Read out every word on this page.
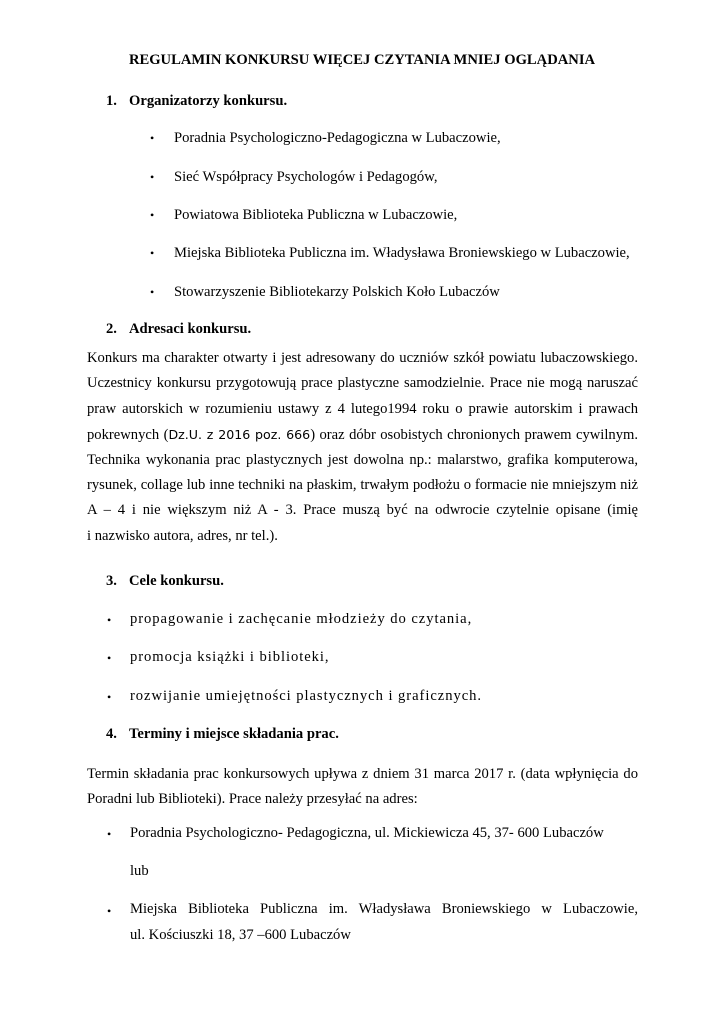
REGULAMIN KONKURSU WIĘCEJ CZYTANIA MNIEJ OGLĄDANIA
1. Organizatorzy konkursu.
• Poradnia Psychologiczno-Pedagogiczna w Lubaczowie,
• Sieć Współpracy Psychologów i Pedagogów,
• Powiatowa Biblioteka Publiczna w Lubaczowie,
• Miejska Biblioteka Publiczna im. Władysława Broniewskiego w Lubaczowie,
• Stowarzyszenie Bibliotekarzy Polskich Koło Lubaczów
2. Adresaci konkursu.
Konkurs ma charakter otwarty i jest adresowany do uczniów szkół powiatu lubaczowskiego.
Uczestnicy konkursu przygotowują prace plastyczne samodzielnie. Prace nie mogą naruszać
praw autorskich w rozumieniu ustawy z 4 lutego1994 roku o prawie autorskim i prawach
pokrewnych (Dz.U. z 2016 poz. 666) oraz dóbr osobistych chronionych prawem cywilnym.
Technika wykonania prac plastycznych jest dowolna np.: malarstwo, grafika komputerowa,
rysunek, collage lub inne techniki na płaskim, trwałym podłożu o formacie nie mniejszym niż
A – 4 i nie większym niż A - 3. Prace muszą być na odwrocie czytelnie opisane (imię
i nazwisko autora, adres, nr tel.).
3. Cele konkursu.
• propagowanie i zachęcanie młodzieży do czytania,
• promocja książki i biblioteki,
• rozwijanie umiejętności plastycznych i graficznych.
4. Terminy i miejsce składania prac.
Termin składania prac konkursowych upływa z dniem 31 marca 2017 r. (data wpłynięcia do
Poradni lub Biblioteki). Prace należy przesyłać na adres:
• Poradnia Psychologiczno- Pedagogiczna, ul. Mickiewicza 45, 37- 600 Lubaczów
lub
• Miejska Biblioteka Publiczna im. Władysława Broniewskiego w Lubaczowie,
ul. Kościuszki 18, 37 –600 Lubaczów
